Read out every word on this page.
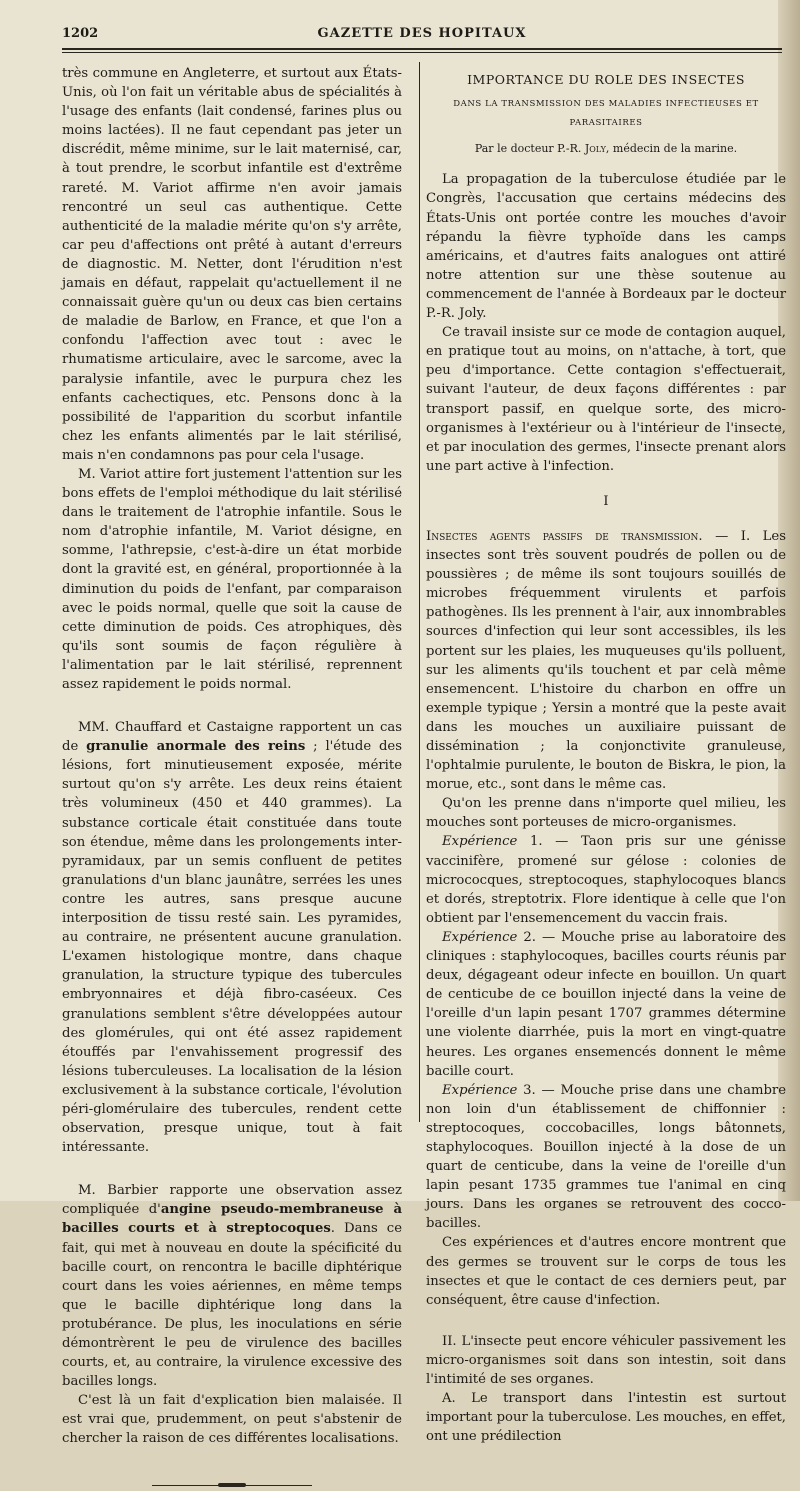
1202	GAZETTE DES HOPITAUX

très commune en Angleterre, et surtout aux États-Unis, où l'on fait un véritable abus de spécialités à l'usage des enfants (lait condensé, farines plus ou moins lactées). Il ne faut cependant pas jeter un discrédit, même minime, sur le lait maternisé, car, à tout prendre, le scorbut infantile est d'extrême rareté. M. Variot affirme n'en avoir jamais rencontré un seul cas authentique. Cette authenticité de la maladie mérite qu'on s'y arrête, car peu d'affections ont prêté à autant d'erreurs de diagnostic. M. Netter, dont l'érudition n'est jamais en défaut, rappelait qu'actuellement il ne connaissait guère qu'un ou deux cas bien certains de maladie de Barlow, en France, et que l'on a confondu l'affection avec tout : avec le rhumatisme articulaire, avec le sarcome, avec la paralysie infantile, avec le purpura chez les enfants cachectiques, etc. Pensons donc à la possibilité de l'apparition du scorbut infantile chez les enfants alimentés par le lait stérilisé, mais n'en condamnons pas pour cela l'usage.

M. Variot attire fort justement l'attention sur les bons effets de l'emploi méthodique du lait stérilisé dans le traitement de l'atrophie infantile. Sous le nom d'atrophie infantile, M. Variot désigne, en somme, l'athrepsie, c'est-à-dire un état morbide dont la gravité est, en général, proportionnée à la diminution du poids de l'enfant, par comparaison avec le poids normal, quelle que soit la cause de cette diminution de poids. Ces atrophiques, dès qu'ils sont soumis de façon régulière à l'alimentation par le lait stérilisé, reprennent assez rapidement le poids normal.

MM. Chauffard et Castaigne rapportent un cas de granulie anormale des reins ; l'étude des lésions, fort minutieusement exposée, mérite surtout qu'on s'y arrête. Les deux reins étaient très volumineux (450 et 440 grammes). La substance corticale était constituée dans toute son étendue, même dans les prolongements inter-pyramidaux, par un semis confluent de petites granulations d'un blanc jaunâtre, serrées les unes contre les autres, sans presque aucune interposition de tissu resté sain. Les pyramides, au contraire, ne présentent aucune granulation. L'examen histologique montre, dans chaque granulation, la structure typique des tubercules embryonnaires et déjà fibro-caséeux. Ces granulations semblent s'être développées autour des glomérules, qui ont été assez rapidement étouffés par l'envahissement progressif des lésions tuberculeuses. La localisation de la lésion exclusivement à la substance corticale, l'évolution péri-glomérulaire des tubercules, rendent cette observation, presque unique, tout à fait intéressante.

M. Barbier rapporte une observation assez compliquée d'angine pseudo-membraneuse à bacilles courts et à streptocoques. Dans ce fait, qui met à nouveau en doute la spécificité du bacille court, on rencontra le bacille diphtérique court dans les voies aériennes, en même temps que le bacille diphtérique long dans la protubérance. De plus, les inoculations en série démontrèrent le peu de virulence des bacilles courts, et, au contraire, la virulence excessive des bacilles longs.

C'est là un fait d'explication bien malaisée. Il est vrai que, prudemment, on peut s'abstenir de chercher la raison de ces différentes localisations.

IMPORTANCE DU ROLE DES INSECTES
DANS LA TRANSMISSION DES MALADIES INFECTIEUSES ET PARASITAIRES
Par le docteur P.-R. Joly, médecin de la marine.

La propagation de la tuberculose étudiée par le Congrès, l'accusation que certains médecins des États-Unis ont portée contre les mouches d'avoir répandu la fièvre typhoïde dans les camps américains, et d'autres faits analogues ont attiré notre attention sur une thèse soutenue au commencement de l'année à Bordeaux par le docteur P.-R. Joly.

Ce travail insiste sur ce mode de contagion auquel, en pratique tout au moins, on n'attache, à tort, que peu d'importance. Cette contagion s'effectuerait, suivant l'auteur, de deux façons différentes : par transport passif, en quelque sorte, des micro-organismes à l'extérieur ou à l'intérieur de l'insecte, et par inoculation des germes, l'insecte prenant alors une part active à l'infection.

I

Insectes agents passifs de transmission. — I. Les insectes sont très souvent poudrés de pollen ou de poussières ; de même ils sont toujours souillés de microbes fréquemment virulents et parfois pathogènes. Ils les prennent à l'air, aux innombrables sources d'infection qui leur sont accessibles, ils les portent sur les plaies, les muqueuses qu'ils polluent, sur les aliments qu'ils touchent et par celà même ensemencent. L'histoire du charbon en offre un exemple typique ; Yersin a montré que la peste avait dans les mouches un auxiliaire puissant de dissémination ; la conjonctivite granuleuse, l'ophtalmie purulente, le bouton de Biskra, le pion, la morue, etc., sont dans le même cas.

Qu'on les prenne dans n'importe quel milieu, les mouches sont porteuses de micro-organismes.

Expérience 1. — Taon pris sur une génisse vaccinifère, promené sur gélose : colonies de micrococques, streptocoques, staphylocoques blancs et dorés, streptotrix. Flore identique à celle que l'on obtient par l'ensemencement du vaccin frais.

Expérience 2. — Mouche prise au laboratoire des cliniques : staphylocoques, bacilles courts réunis par deux, dégageant odeur infecte en bouillon. Un quart de centicube de ce bouillon injecté dans la veine de l'oreille d'un lapin pesant 1707 grammes détermine une violente diarrhée, puis la mort en vingt-quatre heures. Les organes ensemencés donnent le même bacille court.

Expérience 3. — Mouche prise dans une chambre non loin d'un établissement de chiffonnier : streptocoques, coccobacilles, longs bâtonnets, staphylocoques. Bouillon injecté à la dose de un quart de centicube, dans la veine de l'oreille d'un lapin pesant 1735 grammes tue l'animal en cinq jours. Dans les organes se retrouvent des cocco-bacilles.

Ces expériences et d'autres encore montrent que des germes se trouvent sur le corps de tous les insectes et que le contact de ces derniers peut, par conséquent, être cause d'infection.

II. L'insecte peut encore véhiculer passivement les micro-organismes soit dans son intestin, soit dans l'intimité de ses organes.

A. Le transport dans l'intestin est surtout important pour la tuberculose. Les mouches, en effet, ont une prédilection
